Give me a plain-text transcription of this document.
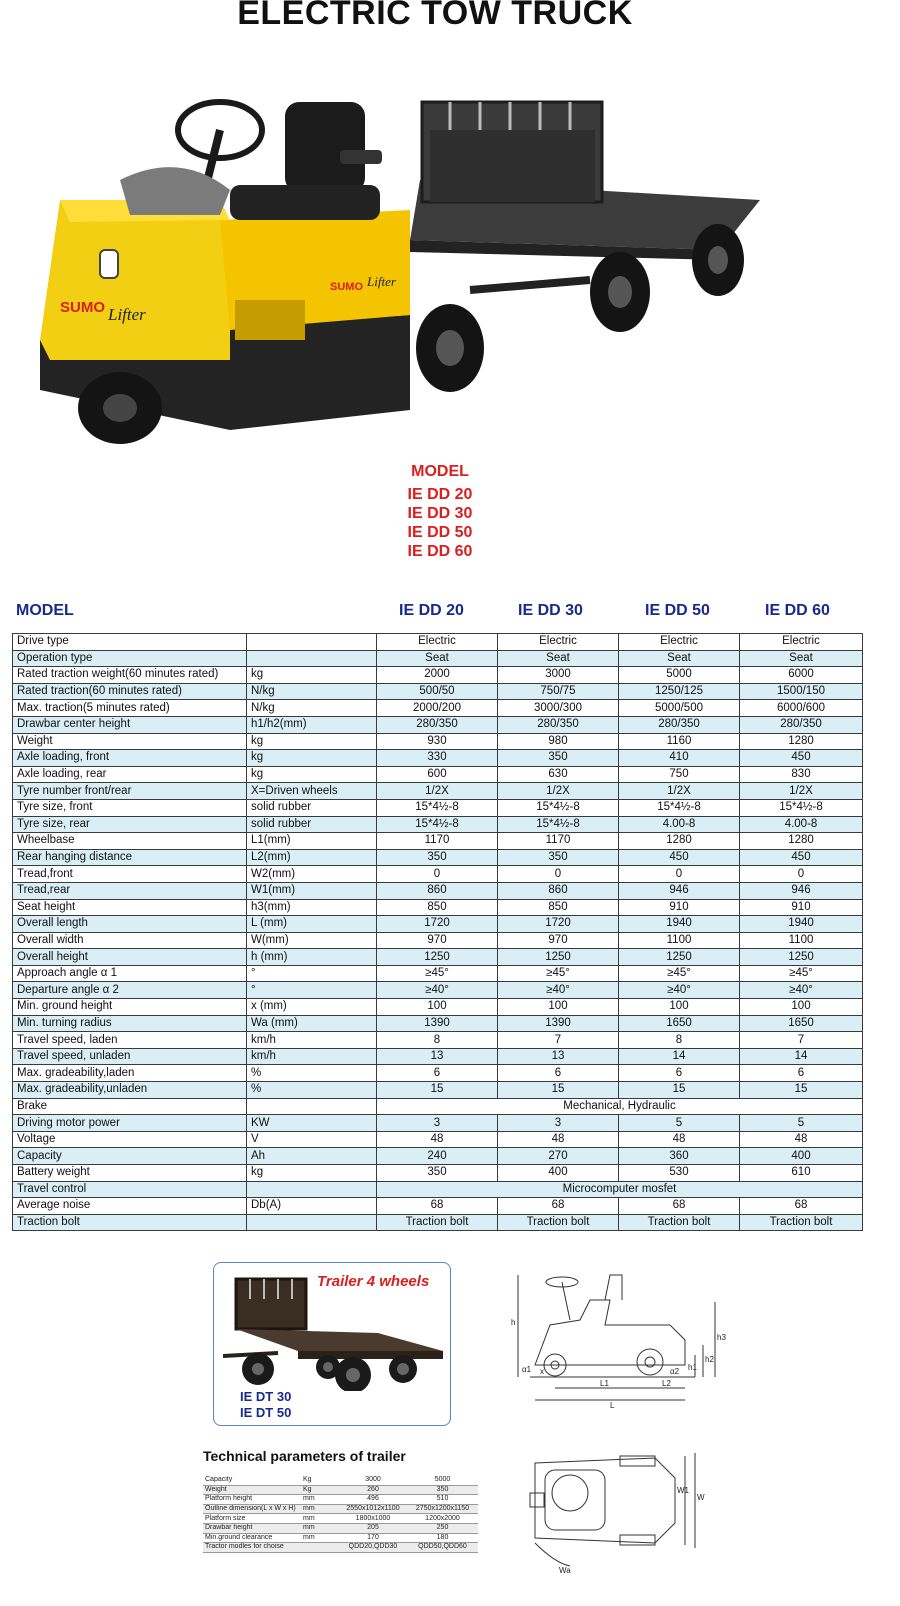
ELECTRIC TOW TRUCK
SUMO Lifter
SUMO Lifter
MODEL
IE DD 20
IE DD 30
IE DD 50
IE DD 60
MODEL	IE DD 20	IE DD 30	IE DD 50	IE DD 60
Drive type		Electric	Electric	Electric	Electric
Operation type		Seat	Seat	Seat	Seat
Rated traction weight(60 minutes rated)	kg	2000	3000	5000	6000
Rated traction(60 minutes rated)	N/kg	500/50	750/75	1250/125	1500/150
Max. traction(5 minutes rated)	N/kg	2000/200	3000/300	5000/500	6000/600
Drawbar center height	h1/h2(mm)	280/350	280/350	280/350	280/350
Weight	kg	930	980	1160	1280
Axle loading, front	kg	330	350	410	450
Axle loading, rear	kg	600	630	750	830
Tyre number front/rear	X=Driven wheels	1/2X	1/2X	1/2X	1/2X
Tyre size, front	solid rubber	15*4½-8	15*4½-8	15*4½-8	15*4½-8
Tyre size, rear	solid rubber	15*4½-8	15*4½-8	4.00-8	4.00-8
Wheelbase	L1(mm)	1170	1170	1280	1280
Rear hanging distance	L2(mm)	350	350	450	450
Tread,front	W2(mm)	0	0	0	0
Tread,rear	W1(mm)	860	860	946	946
Seat height	h3(mm)	850	850	910	910
Overall length	L (mm)	1720	1720	1940	1940
Overall width	W(mm)	970	970	1100	1100
Overall height	h (mm)	1250	1250	1250	1250
Approach angle α 1	°	≥45°	≥45°	≥45°	≥45°
Departure angle α 2	°	≥40°	≥40°	≥40°	≥40°
Min. ground height	x (mm)	100	100	100	100
Min. turning radius	Wa (mm)	1390	1390	1650	1650
Travel speed, laden	km/h	8	7	8	7
Travel speed, unladen	km/h	13	13	14	14
Max. gradeability,laden	%	6	6	6	6
Max. gradeability,unladen	%	15	15	15	15
Brake		Mechanical, Hydraulic			
Driving motor power	KW	3	3	5	5
Voltage	V	48	48	48	48
Capacity	Ah	240	270	360	400
Battery weight	kg	350	400	530	610
Travel control		Microcomputer mosfet			
Average noise	Db(A)	68	68	68	68
Traction bolt		Traction bolt	Traction bolt	Traction bolt	Traction bolt
Trailer 4 wheels
IE DT 30
IE DT 50
Technical parameters of trailer
Capacity	Kg	3000	5000
Weight	Kg	260	350
Platform height	mm	496	510
Outline dimension(L x W x H)	mm	2550x1012x1100	2750x1200x1150
Platform size	mm	1800x1000	1200x2000
Drawbar height	mm	205	250
Min.ground clearance	mm	170	180
Tractor modles for choise		QDD20,QDD30	QDD50,QDD60
h
h3
h1
h2
L1	L2
L
x
α1	α2
W
W1
Wa
